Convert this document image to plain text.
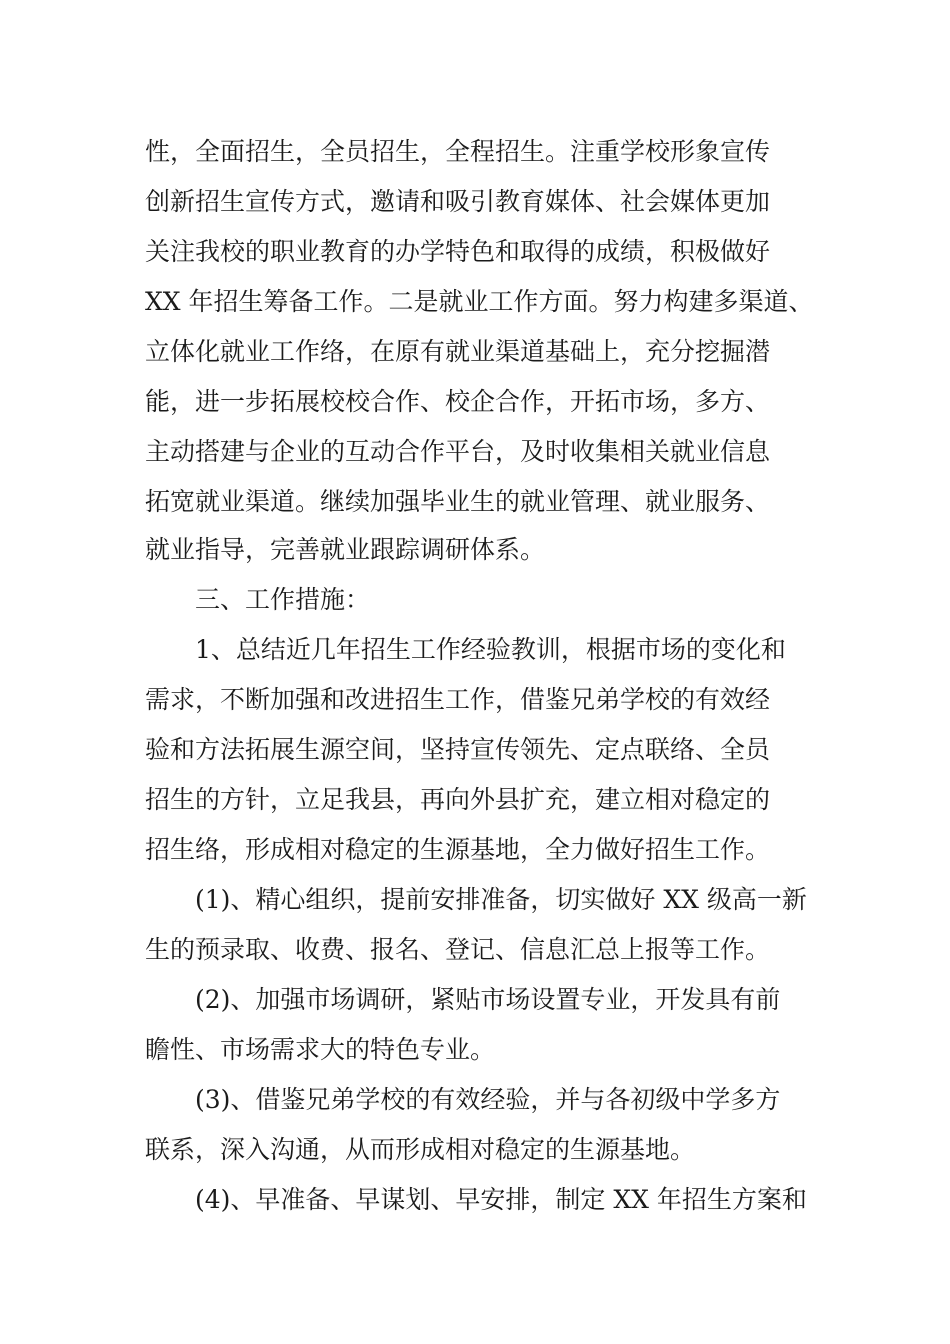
性，全面招生，全员招生，全程招生。注重学校形象宣传
创新招生宣传方式，邀请和吸引教育媒体、社会媒体更加
关注我校的职业教育的办学特色和取得的成绩，积极做好
XX 年招生筹备工作。二是就业工作方面。努力构建多渠道、
立体化就业工作络，在原有就业渠道基础上，充分挖掘潜
能，进一步拓展校校合作、校企合作，开拓市场，多方、
主动搭建与企业的互动合作平台，及时收集相关就业信息
拓宽就业渠道。继续加强毕业生的就业管理、就业服务、
就业指导，完善就业跟踪调研体系。
三、工作措施：
1、总结近几年招生工作经验教训，根据市场的变化和
需求，不断加强和改进招生工作，借鉴兄弟学校的有效经
验和方法拓展生源空间，坚持宣传领先、定点联络、全员
招生的方针，立足我县，再向外县扩充，建立相对稳定的
招生络，形成相对稳定的生源基地，全力做好招生工作。
(1)、精心组织，提前安排准备，切实做好 XX 级高一新
生的预录取、收费、报名、登记、信息汇总上报等工作。
(2)、加强市场调研，紧贴市场设置专业，开发具有前
瞻性、市场需求大的特色专业。
(3)、借鉴兄弟学校的有效经验，并与各初级中学多方
联系，深入沟通，从而形成相对稳定的生源基地。
(4)、早准备、早谋划、早安排，制定 XX 年招生方案和
